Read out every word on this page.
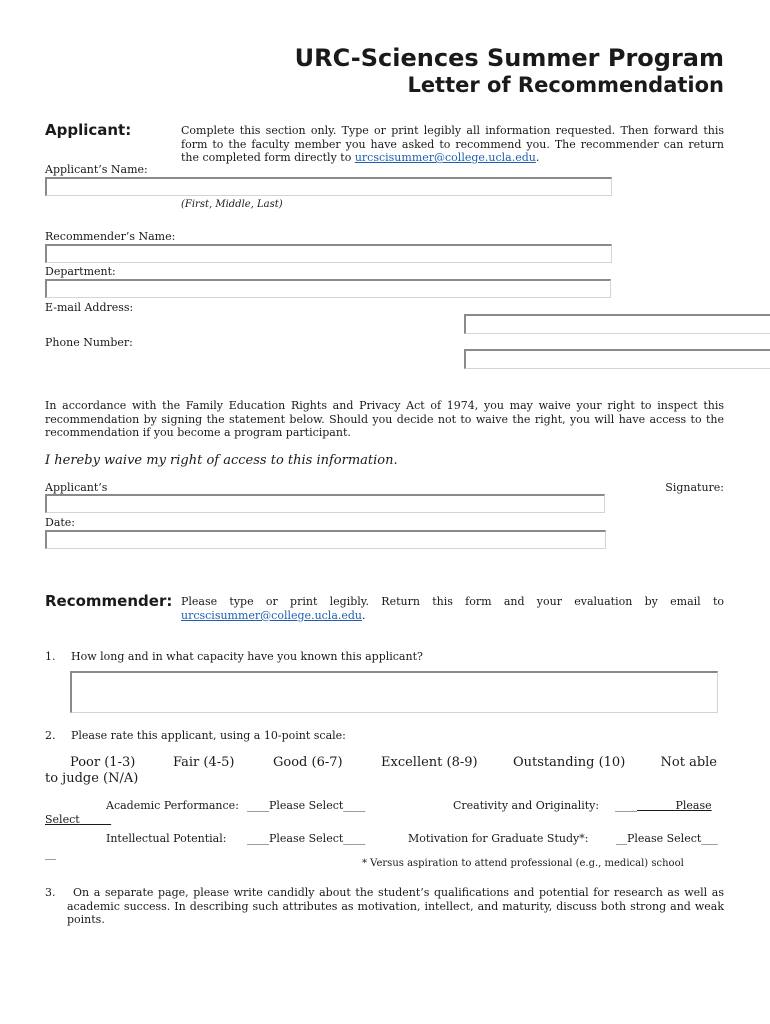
URC-Sciences Summer Program
Letter of Recommendation
Applicant:	Complete this section only. Type or print legibly all information requested. Then forward this form to the faculty member you have asked to recommend you. The recommender can return the completed form directly to urcscisummer@college.ucla.edu.
Applicant’s Name:
(First, Middle, Last)
Recommender’s Name:
Department:
E-mail Address:
Phone Number:
In accordance with the Family Education Rights and Privacy Act of 1974, you may waive your right to inspect this recommendation by signing the statement below. Should you decide not to waive the right, you will have access to the recommendation if you become a program participant.
I hereby waive my right of access to this information.
Applicant’s	Signature:
Date:
Recommender: Please type or print legibly. Return this form and your evaluation by email to urcscisummer@college.ucla.edu.
1. How long and in what capacity have you known this applicant?
2. Please rate this applicant, using a 10-point scale:
Poor (1-3)	Fair (4-5)	Good (6-7)	Excellent (8-9)	Outstanding (10)	Not able
to judge (N/A)
Academic Performance: ____Please Select____	Creativity and Originality: ____	Please
Select
Intellectual Potential: ____Please Select____	Motivation for Graduate Study*:	__Please Select___
__
* Versus aspiration to attend professional (e.g., medical) school
3.	On a separate page, please write candidly about the student’s qualifications and potential for research as well as academic success. In describing such attributes as motivation, intellect, and maturity, discuss both strong and weak points.
